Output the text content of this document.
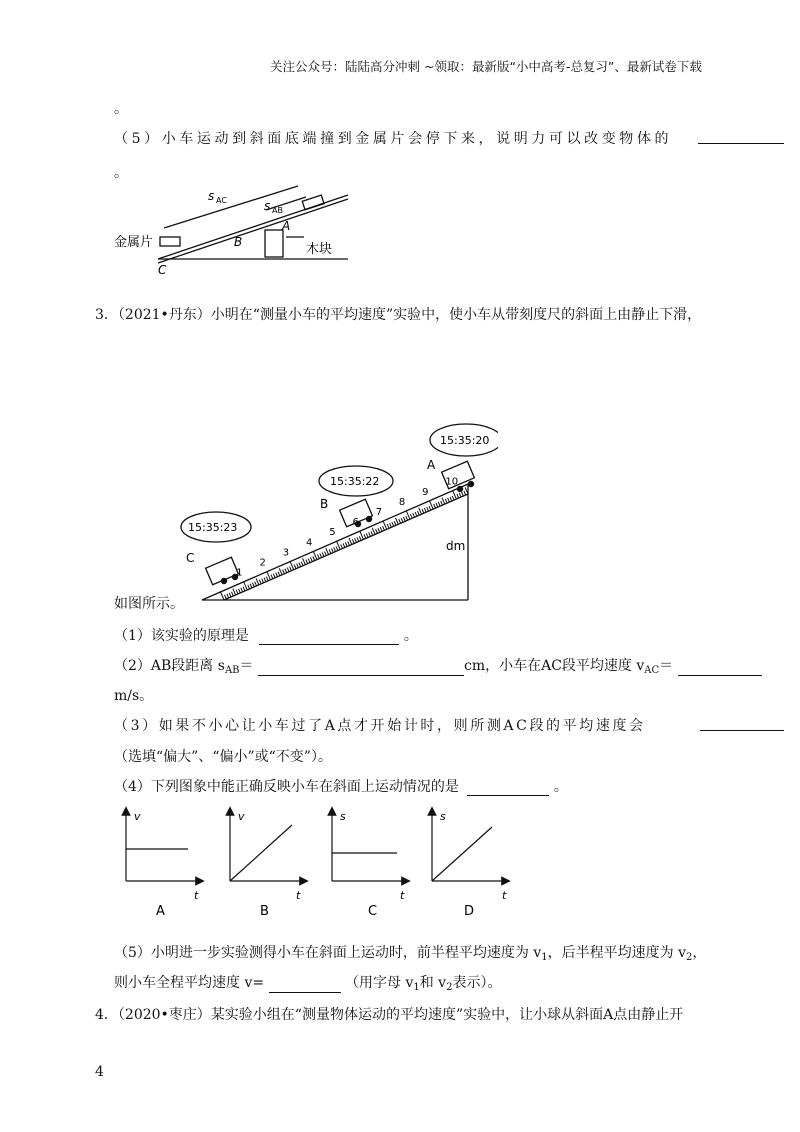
关注公众号：陆陆高分冲刺 ~领取：最新版“小中高考-总复习”、最新试卷下载
。
（5）小车运动到斜面底端撞到金属片会停下来，说明力可以改变物体的
。
s AC	s AB
A
B
C
金属片	木块
3．（2021•丹东）小明在“测量小车的平均速度”实验中，使小车从带刻度尺的斜面上由静止下滑，
1
2
3
4
5
6
7
8
9
10
15:35:23
15:35:22
15:35:20
C
B
A
dm
如图所示。
（1）该实验的原理是	。
（2）AB段距离 $s_{AB}=$	cm，小车在AC段平均速度 $v_{AC}=$
m/s。
（3）如果不小心让小车过了A点才开始计时，则所测AC段的平均速度会
（选填“偏大”、“偏小”或“不变”）。
（4）下列图象中能正确反映小车在斜面上运动情况的是	。
v
t
v
t
s
t
s
t
A	B	C	D
（5）小明进一步实验测得小车在斜面上运动时，前半程平均速度为 $v_1$，后半程平均速度为 $v_2$，
则小车全程平均速度 v=	（用字母 $v_1$和 $v_2$表示）。
4．（2020•枣庄）某实验小组在“测量物体运动的平均速度”实验中，让小球从斜面A点由静止开
4
